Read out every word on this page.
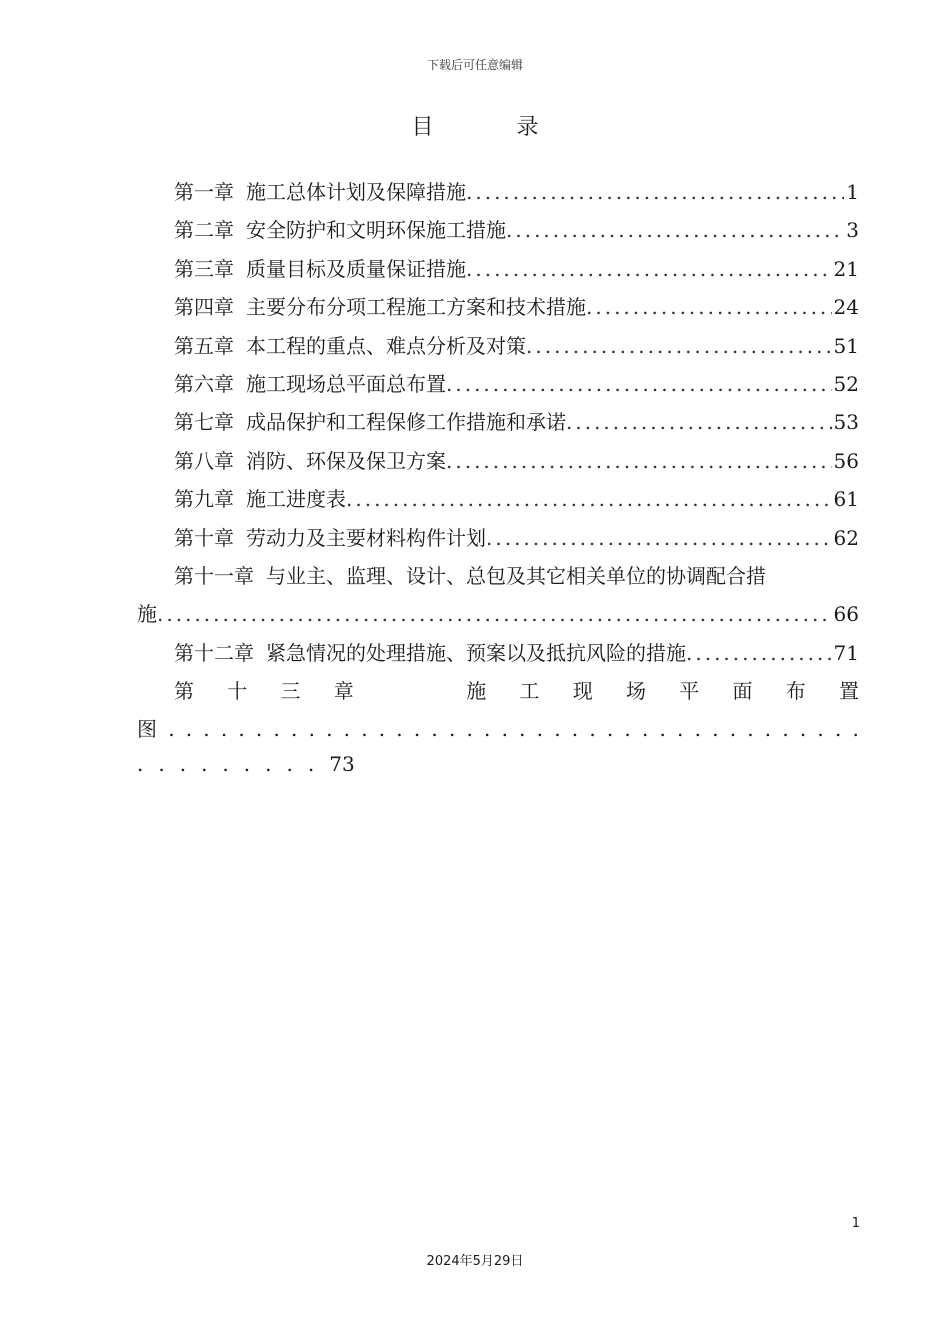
下载后可任意编辑
目 录
第一章 施工总体计划及保障措施 .....	1
第二章 安全防护和文明环保施工措施 .....	3
第三章 质量目标及质量保证措施 .....	21
第四章 主要分布分项工程施工方案和技术措施 .....	24
第五章 本工程的重点、难点分析及对策 .....	51
第六章 施工现场总平面总布置 .....	52
第七章 成品保护和工程保修工作措施和承诺 .....	53
第八章 消防、环保及保卫方案 .....	56
第九章 施工进度表 .....	61
第十章 劳动力及主要材料构件计划 .....	62
第十一章 与业主、监理、设计、总包及其它相关单位的协调配合措
施 .....	66
第十二章 紧急情况的处理措施、预案以及抵抗风险的措施 .....	71
第 十 三 章	施 工 现 场 平 面 布 置
图 . . . . . . . . . . . . . . . . . . . . . . . . . . . . . . . . . . . . . . . .
......... 73
1
2024年5月29日
